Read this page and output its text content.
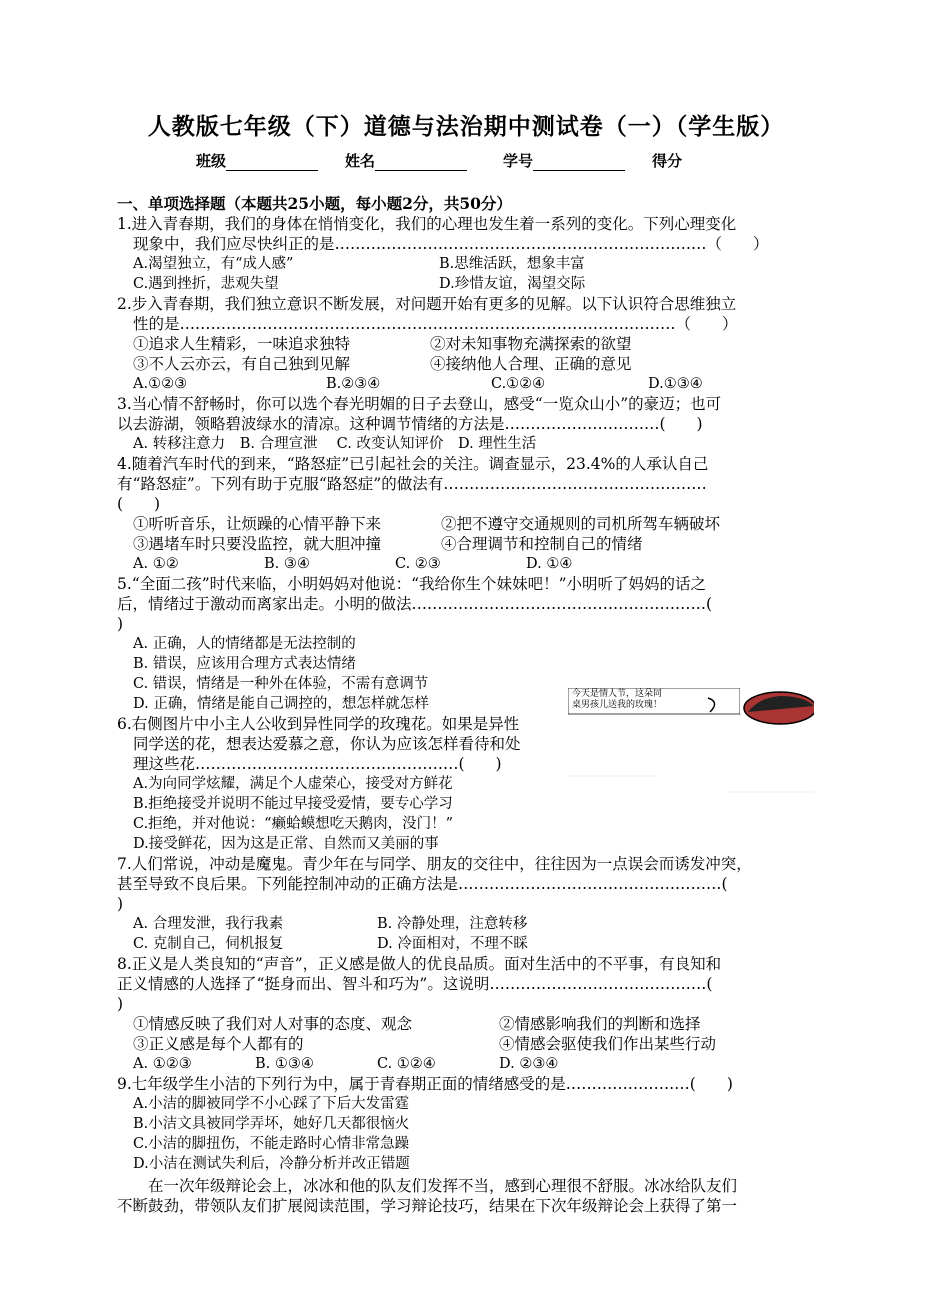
人教版七年级（下）道德与法治期中测试卷（一）（学生版）
班级	姓名	学号	得分
一、单项选择题（本题共25小题，每小题2分，共50分）
1.进入青春期，我们的身体在悄悄变化，我们的心理也发生着一系列的变化。下列心理变化
现象中，我们应尽快纠正的是………………………………………………………………（　　）
A.渴望独立，有“成人感”	B.思维活跃，想象丰富
C.遇到挫折，悲观失望	D.珍惜友谊，渴望交际
2.步入青春期，我们独立意识不断发展，对问题开始有更多的见解。以下认识符合思维独立
性的是……………………………………………………………………………………（　　）
①追求人生精彩，一味追求独特	②对未知事物充满探索的欲望
③不人云亦云，有自己独到见解	④接纳他人合理、正确的意见
A.①②③	B.②③④	C.①②④	D.①③④
3.当心情不舒畅时，你可以选个春光明媚的日子去登山，感受“一览众山小”的豪迈；也可
以去游湖，领略碧波绿水的清凉。这种调节情绪的方法是…………………………(　　)
A. 转移注意力　B. 合理宣泄　 C. 改变认知评价　D. 理性生活
4.随着汽车时代的到来，“路怒症”已引起社会的关注。调查显示，23.4%的人承认自己
有“路怒症”。下列有助于克服“路怒症”的做法有……………………………………………
(　　)
①听听音乐，让烦躁的心情平静下来	②把不遵守交通规则的司机所驾车辆破坏
③遇堵车时只要没监控，就大胆冲撞	④合理调节和控制自己的情绪
A. ①②	B. ③④	C. ②③	D. ①④
5.“全面二孩”时代来临，小明妈妈对他说：“我给你生个妹妹吧！”小明听了妈妈的话之
后，情绪过于激动而离家出走。小明的做法…………………………………………………(
)
A. 正确，人的情绪都是无法控制的
B. 错误，应该用合理方式表达情绪
C. 错误，情绪是一种外在体验，不需有意调节
D. 正确，情绪是能自己调控的，想怎样就怎样
今天是情人节，这朵同
桌男孩儿送我的玫瑰！
6.右侧图片中小主人公收到异性同学的玫瑰花。如果是异性
同学送的花，想表达爱慕之意，你认为应该怎样看待和处
理这些花……………………………………………(　　)
A.为向同学炫耀，满足个人虚荣心，接受对方鲜花
B.拒绝接受并说明不能过早接受爱情，要专心学习
C.拒绝，并对他说：“癞蛤蟆想吃天鹅肉，没门！”
D.接受鲜花，因为这是正常、自然而又美丽的事
7.人们常说，冲动是魔鬼。青少年在与同学、朋友的交往中，往往因为一点误会而诱发冲突，
甚至导致不良后果。下列能控制冲动的正确方法是……………………………………………(
)
A. 合理发泄，我行我素	B. 冷静处理，注意转移
C. 克制自己，伺机报复	D. 冷面相对，不理不睬
8.正义是人类良知的“声音”，正义感是做人的优良品质。面对生活中的不平事，有良知和
正义情感的人选择了“挺身而出、智斗和巧为”。这说明……………………………………(
)
①情感反映了我们对人对事的态度、观念	②情感影响我们的判断和选择
③正义感是每个人都有的	④情感会驱使我们作出某些行动
A. ①②③	B. ①③④	C. ①②④	D. ②③④
9.七年级学生小洁的下列行为中，属于青春期正面的情绪感受的是……………………(　　)
A.小洁的脚被同学不小心踩了下后大发雷霆
B.小洁文具被同学弄坏，她好几天都很恼火
C.小洁的脚扭伤，不能走路时心情非常急躁
D.小洁在测试失利后，冷静分析并改正错题
在一次年级辩论会上，冰冰和他的队友们发挥不当，感到心理很不舒服。冰冰给队友们
不断鼓劲，带领队友们扩展阅读范围，学习辩论技巧，结果在下次年级辩论会上获得了第一
